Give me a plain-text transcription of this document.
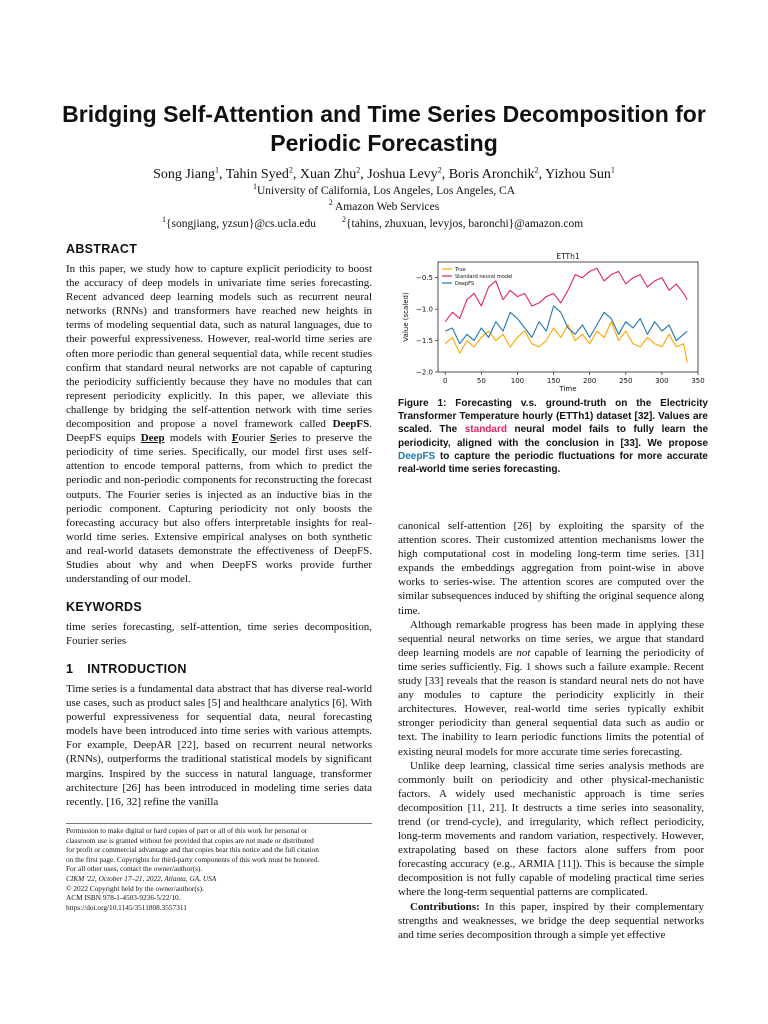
Bridging Self-Attention and Time Series Decomposition for
Periodic Forecasting
Song Jiang$^1$, Tahin Syed$^2$, Xuan Zhu$^2$, Joshua Levy$^2$, Boris Aronchik$^2$, Yizhou Sun$^1$
$^1$University of California, Los Angeles, Los Angeles, CA
$^2$ Amazon Web Services
$^1${songjiang, yzsun}@cs.ucla.edu	$^2${tahins, zhuxuan, levyjos, baronchi}@amazon.com
ABSTRACT

In this paper, we study how to capture explicit periodicity to boost the accuracy of deep models in univariate time series forecasting. Recent advanced deep learning models such as recurrent neural networks (RNNs) and transformers have reached new heights in terms of modeling sequential data, such as natural languages, due to their powerful expressiveness. However, real-world time series are often more periodic than general sequential data, while recent studies confirm that standard neural networks are not capable of capturing the periodicity sufficiently because they have no modules that can represent periodicity explicitly. In this paper, we alleviate this challenge by bridging the self-attention network with time series decomposition and propose a novel framework called DeepFS. DeepFS equips Deep models with Fourier Series to preserve the periodicity of time series. Specifically, our model first uses self-attention to encode temporal patterns, from which to predict the periodic and non-periodic components for reconstructing the forecast outputs. The Fourier series is injected as an inductive bias in the periodic component. Capturing periodicity not only boosts the forecasting accuracy but also offers interpretable insights for real-world time series. Extensive empirical analyses on both synthetic and real-world datasets demonstrate the effectiveness of DeepFS. Studies about why and when DeepFS works provide further understanding of our model.

KEYWORDS

time series forecasting, self-attention, time series decomposition, Fourier series

1 INTRODUCTION

Time series is a fundamental data abstract that has diverse real-world use cases, such as product sales [5] and healthcare analytics [6]. With powerful expressiveness for sequential data, neural forecasting models have been introduced into time series with various attempts. For example, DeepAR [22], based on recurrent neural networks (RNNs), outperforms the traditional statistical models by significant margins. Inspired by the success in natural language, transformer architecture [26] has been introduced in modeling time series data recently. [16, 32] refine the vanilla

Permission to make digital or hard copies of part or all of this work for personal or
classroom use is granted without fee provided that copies are not made or distributed
for profit or commercial advantage and that copies bear this notice and the full citation
on the first page. Copyrights for third-party components of this work must be honored.
For all other uses, contact the owner/author(s).
CIKM '22, October 17–21, 2022, Atlanta, GA, USA
© 2022 Copyright held by the owner/author(s).
ACM ISBN 978-1-4503-9236-5/22/10.
https://doi.org/10.1145/3511808.3557311
ETTh1
0	50	100	150	200	250	300	350
−2.0
−1.5
−1.0
−0.5
Time
Value (scaled)
True
Standard neural model
DeepFS
Figure 1: Forecasting v.s. ground-truth on the Electricity Transformer Temperature hourly (ETTh1) dataset [32]. Values are scaled. The standard neural model fails to fully learn the periodicity, aligned with the conclusion in [33]. We propose DeepFS to capture the periodic fluctuations for more accurate real-world time series forecasting.

canonical self-attention [26] by exploiting the sparsity of the attention scores. Their customized attention mechanisms lower the high computational cost in modeling long-term time series. [31] expands the embeddings aggregation from point-wise in above works to series-wise. The attention scores are computed over the similar subsequences induced by shifting the original sequence along time.

Although remarkable progress has been made in applying these sequential neural networks on time series, we argue that standard deep learning models are not capable of learning the periodicity of time series sufficiently. Fig. 1 shows such a failure example. Recent study [33] reveals that the reason is standard neural nets do not have any modules to capture the periodicity explicitly in their architectures. However, real-world time series typically exhibit stronger periodicity than general sequential data such as audio or text. The inability to learn periodic functions limits the potential of existing neural models for more accurate time series forecasting.

Unlike deep learning, classical time series analysis methods are commonly built on periodicity and other physical-mechanistic factors. A widely used mechanistic approach is time series decomposition [11, 21]. It destructs a time series into seasonality, trend (or trend-cycle), and irregularity, which reflect periodicity, long-term movements and random variation, respectively. However, extrapolating based on these factors alone suffers from poor forecasting accuracy (e.g., ARMIA [11]). This is because the simple decomposition is not fully capable of modeling practical time series where the long-term sequential patterns are complicated.

Contributions: In this paper, inspired by their complementary strengths and weaknesses, we bridge the deep sequential networks and time series decomposition through a simple yet effective
